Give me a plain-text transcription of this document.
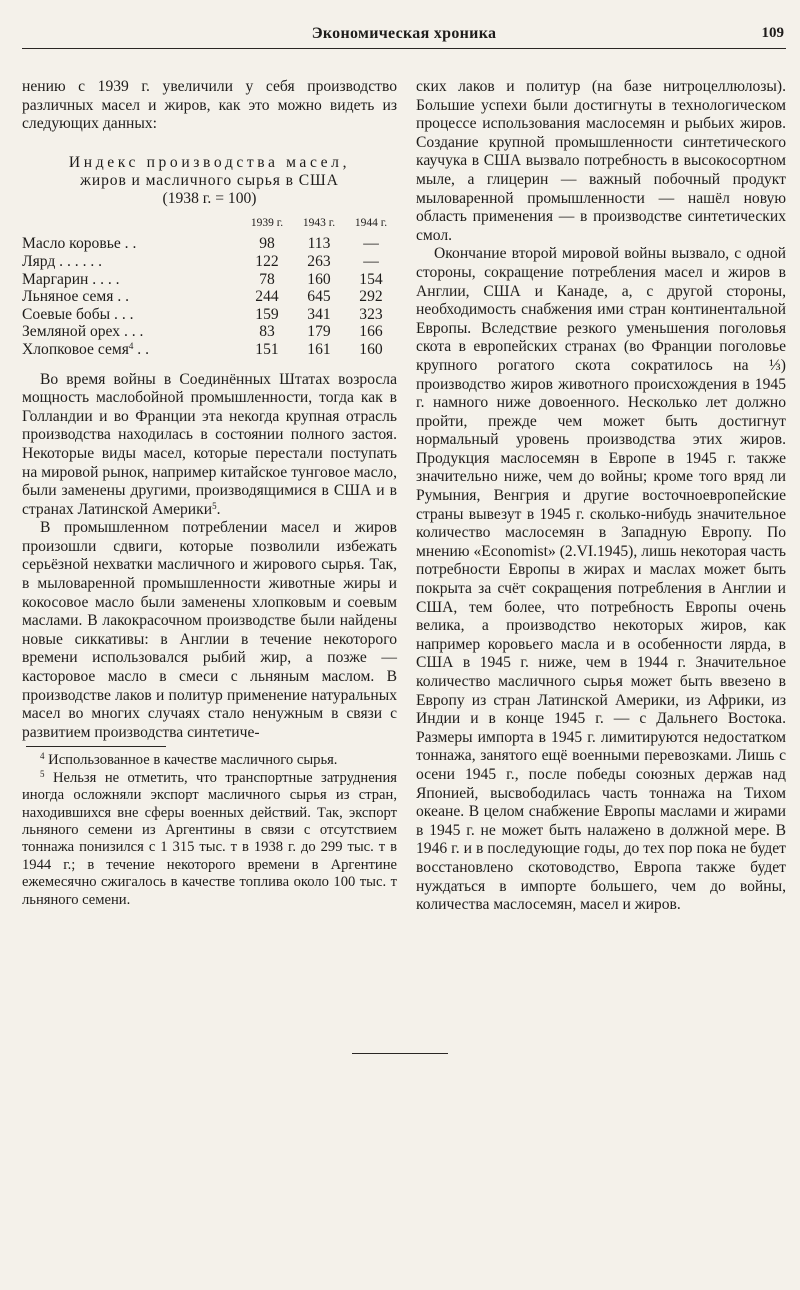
Экономическая хроника	109

нению с 1939 г. увеличили у себя производство различных масел и жиров, как это можно видеть из следующих данных:

Индекс производства масел,
жиров и масличного сырья в США
(1938 г. = 100)
	1939 г.	1943 г.	1944 г.
Масло коровье . .	98	113	—
Лярд . . . . . .	122	263	—
Маргарин . . . .	78	160	154
Льняное семя . .	244	645	292
Соевые бобы . . .	159	341	323
Земляной орех . . .	83	179	166
Хлопковое семя$^4$ . .	151	161	160

Во время войны в Соединённых Штатах возросла мощность маслобойной промышленности, тогда как в Голландии и во Франции эта некогда крупная отрасль производства находилась в состоянии полного застоя. Некоторые виды масел, которые перестали поступать на мировой рынок, например китайское тунговое масло, были заменены другими, производящимися в США и в странах Латинской Америки$^5$.

В промышленном потреблении масел и жиров произошли сдвиги, которые позволили избежать серьёзной нехватки масличного и жирового сырья. Так, в мыловаренной промышленности животные жиры и кокосовое масло были заменены хлопковым и соевым маслами. В лакокрасочном производстве были найдены новые сиккативы: в Англии в течение некоторого времени использовался рыбий жир, а позже — касторовое масло в смеси с льняным маслом. В производстве лаков и политур применение натуральных масел во многих случаях стало ненужным в связи с развитием производства синтетиче-

$^4$ Использованное в качестве масличного сырья.

$^5$ Нельзя не отметить, что транспортные затруднения иногда осложняли экспорт масличного сырья из стран, находившихся вне сферы военных действий. Так, экспорт льняного семени из Аргентины в связи с отсутствием тоннажа понизился с 1 315 тыс. т в 1938 г. до 299 тыс. т в 1944 г.; в течение некоторого времени в Аргентине ежемесячно сжигалось в качестве топлива около 100 тыс. т льняного семени.

ских лаков и политур (на базе нитроцеллюлозы). Большие успехи были достигнуты в технологическом процессе использования маслосемян и рыбьих жиров. Создание крупной промышленности синтетического каучука в США вызвало потребность в высокосортном мыле, а глицерин — важный побочный продукт мыловаренной промышленности — нашёл новую область применения — в производстве синтетических смол.

Окончание второй мировой войны вызвало, с одной стороны, сокращение потребления масел и жиров в Англии, США и Канаде, а, с другой стороны, необходимость снабжения ими стран континентальной Европы. Вследствие резкого уменьшения поголовья скота в европейских странах (во Франции поголовье крупного рогатого скота сократилось на ⅓) производство жиров животного происхождения в 1945 г. намного ниже довоенного. Несколько лет должно пройти, прежде чем может быть достигнут нормальный уровень производства этих жиров. Продукция маслосемян в Европе в 1945 г. также значительно ниже, чем до войны; кроме того вряд ли Румыния, Венгрия и другие восточноевропейские страны вывезут в 1945 г. сколько-нибудь значительное количество маслосемян в Западную Европу. По мнению «Economist» (2.VI.1945), лишь некоторая часть потребности Европы в жирах и маслах может быть покрыта за счёт сокращения потребления в Англии и США, тем более, что потребность Европы очень велика, а производство некоторых жиров, как например коровьего масла и в особенности лярда, в США в 1945 г. ниже, чем в 1944 г. Значительное количество масличного сырья может быть ввезено в Европу из стран Латинской Америки, из Африки, из Индии и в конце 1945 г. — с Дальнего Востока. Размеры импорта в 1945 г. лимитируются недостатком тоннажа, занятого ещё военными перевозками. Лишь с осени 1945 г., после победы союзных держав над Японией, высвободилась часть тоннажа на Тихом океане. В целом снабжение Европы маслами и жирами в 1945 г. не может быть налажено в должной мере. В 1946 г. и в последующие годы, до тех пор пока не будет восстановлено скотоводство, Европа также будет нуждаться в импорте большего, чем до войны, количества маслосемян, масел и жиров.
